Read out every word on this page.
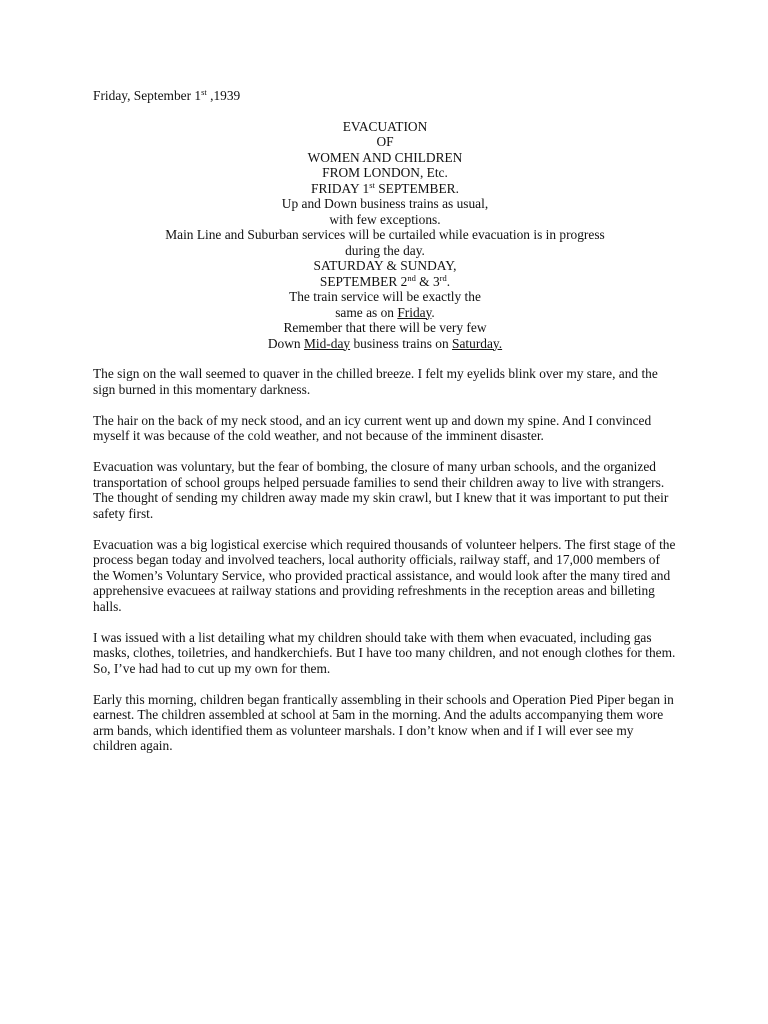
Friday, September 1st ,1939
EVACUATION
OF
WOMEN AND CHILDREN
FROM LONDON, Etc.
FRIDAY 1st SEPTEMBER.
Up and Down business trains as usual,
with few exceptions.
Main Line and Suburban services will be curtailed while evacuation is in progress
during the day.
SATURDAY & SUNDAY,
SEPTEMBER 2nd & 3rd.
The train service will be exactly the
same as on Friday.
Remember that there will be very few
Down Mid-day business trains on Saturday.

The sign on the wall seemed to quaver in the chilled breeze. I felt my eyelids blink over my stare, and the sign burned in this momentary darkness.

The hair on the back of my neck stood, and an icy current went up and down my spine. And I convinced myself it was because of the cold weather, and not because of the imminent disaster.

Evacuation was voluntary, but the fear of bombing, the closure of many urban schools, and the organized transportation of school groups helped persuade families to send their children away to live with strangers. The thought of sending my children away made my skin crawl, but I knew that it was important to put their safety first.

Evacuation was a big logistical exercise which required thousands of volunteer helpers. The first stage of the process began today and involved teachers, local authority officials, railway staff, and 17,000 members of the Women’s Voluntary Service, who provided practical assistance, and would look after the many tired and apprehensive evacuees at railway stations and providing refreshments in the reception areas and billeting halls.

I was issued with a list detailing what my children should take with them when evacuated, including gas masks, clothes, toiletries, and handkerchiefs. But I have too many children, and not enough clothes for them. So, I’ve had had to cut up my own for them.

Early this morning, children began frantically assembling in their schools and Operation Pied Piper began in earnest. The children assembled at school at 5am in the morning. And the adults accompanying them wore arm bands, which identified them as volunteer marshals. I don’t know when and if I will ever see my children again.
